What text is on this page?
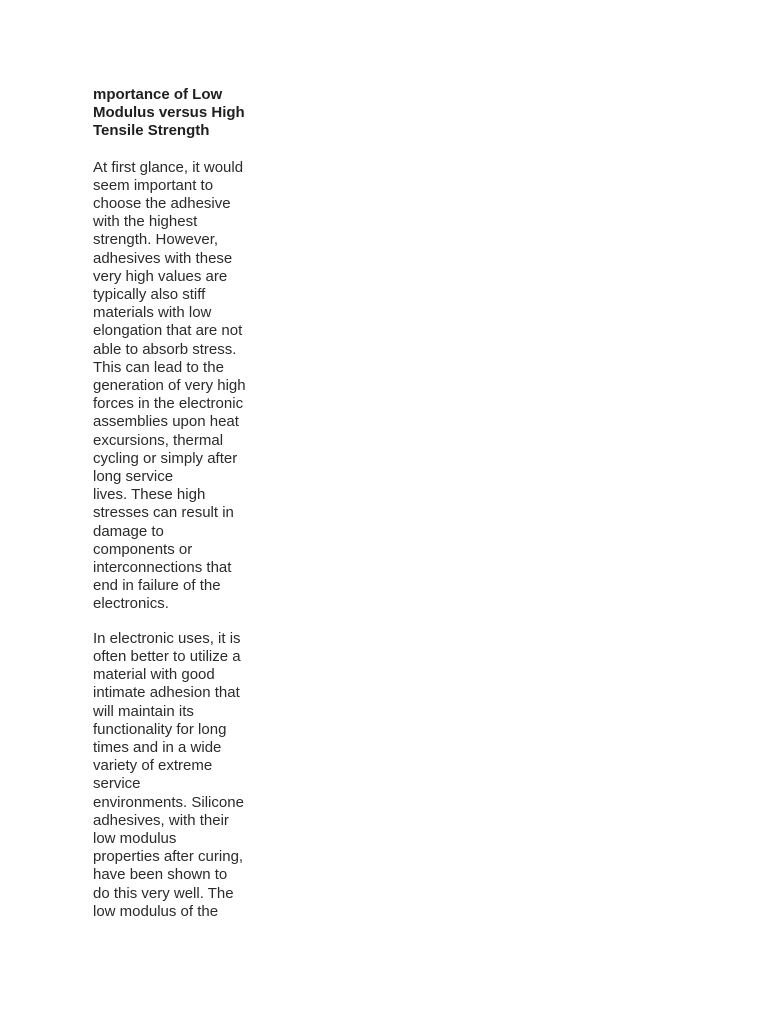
mportance of Low
Modulus versus High
Tensile Strength

At first glance, it would
seem important to
choose the adhesive
with the highest
strength. However,
adhesives with these
very high values are
typically also stiff
materials with low
elongation that are not
able to absorb stress.
This can lead to the
generation of very high
forces in the electronic
assemblies upon heat
excursions, thermal
cycling or simply after
long service
lives. These high
stresses can result in
damage to
components or
interconnections that
end in failure of the
electronics.

In electronic uses, it is
often better to utilize a
material with good
intimate adhesion that
will maintain its
functionality for long
times and in a wide
variety of extreme
service
environments. Silicone
adhesives, with their
low modulus
properties after curing,
have been shown to
do this very well. The
low modulus of the
